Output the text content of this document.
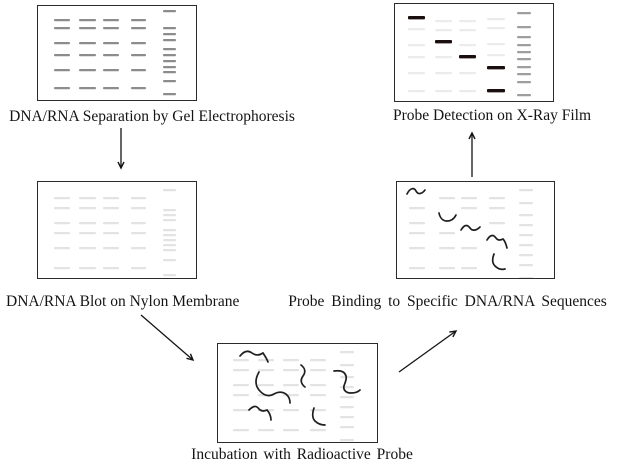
DNA/RNA Separation by Gel Electrophoresis
DNA/RNA Blot on Nylon Membrane
Incubation with Radioactive Probe
Probe Binding to Specific DNA/RNA Sequences
Probe Detection on X-Ray Film
